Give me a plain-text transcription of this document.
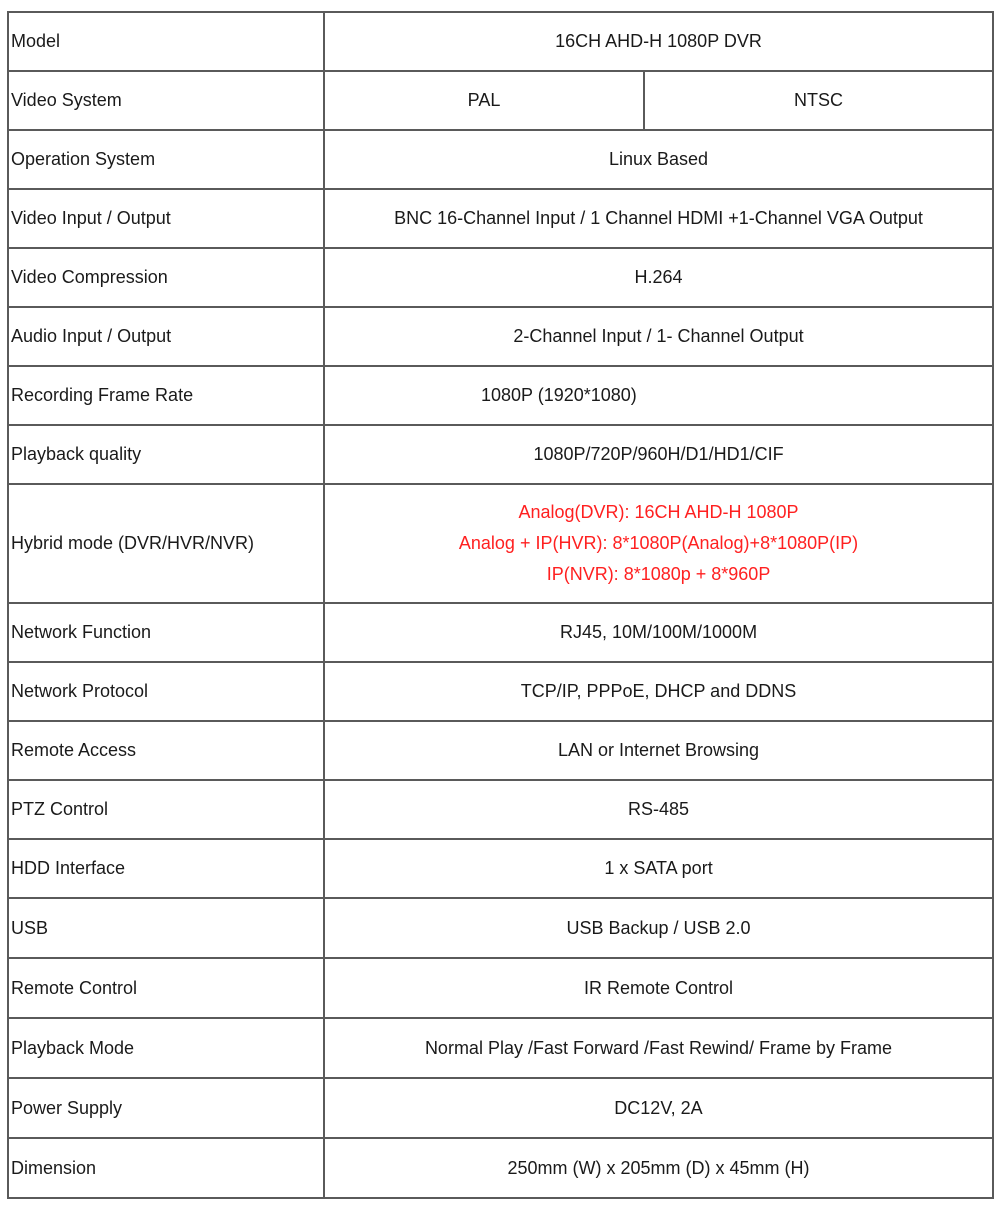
Model	16CH AHD-H 1080P DVR	
Video System	PAL	NTSC
Operation System	Linux Based	
Video Input / Output	BNC 16-Channel Input / 1 Channel HDMI +1-Channel VGA Output	
Video Compression	H.264	
Audio Input / Output	2-Channel Input / 1- Channel Output	
Recording Frame Rate	1080P (1920*1080)	
Playback quality	1080P/720P/960H/D1/HD1/CIF	
Hybrid mode (DVR/HVR/NVR)	Analog(DVR): 16CH AHD-H 1080P
Analog + IP(HVR): 8*1080P(Analog)+8*1080P(IP)
IP(NVR): 8*1080p + 8*960P	

Network Function	RJ45, 10M/100M/1000M	
Network Protocol	TCP/IP, PPPoE, DHCP and DDNS	
Remote Access	LAN or Internet Browsing	
PTZ Control	RS-485	
HDD Interface	1 x SATA port	
USB	USB Backup / USB 2.0	
Remote Control	IR Remote Control	
Playback Mode	Normal Play /Fast Forward /Fast Rewind/ Frame by Frame	
Power Supply	DC12V, 2A	
Dimension	250mm (W) x 205mm (D) x 45mm (H)	
